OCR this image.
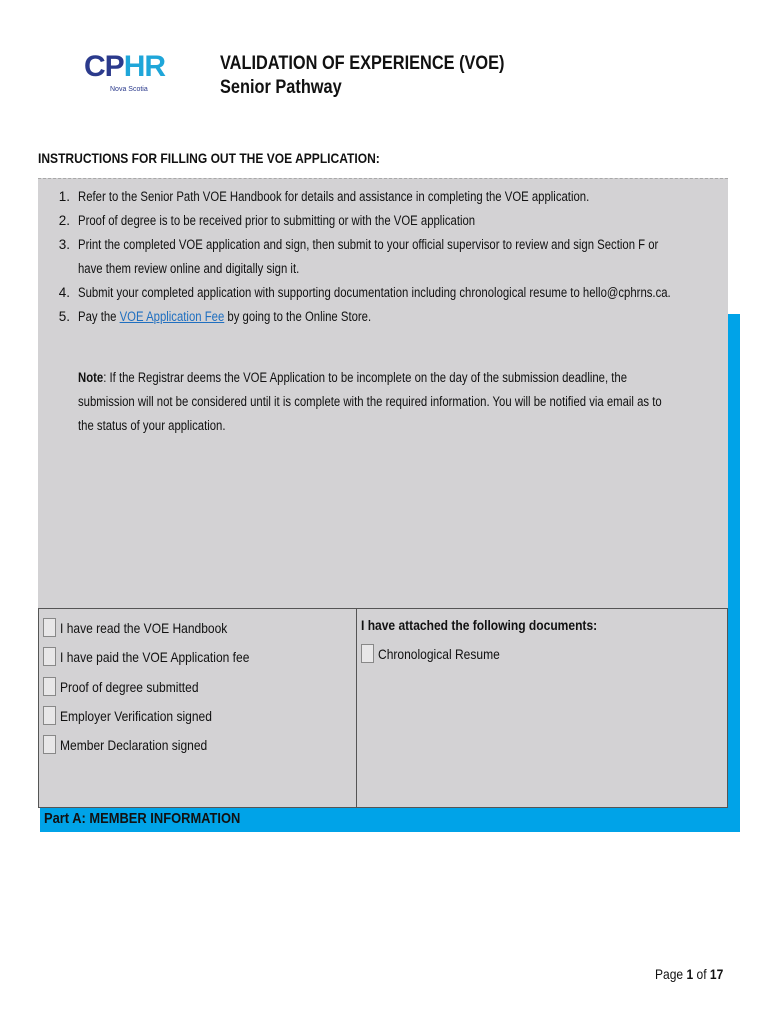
CPHR
Nova Scotia
VALIDATION OF EXPERIENCE (VOE)
Senior Pathway
INSTRUCTIONS FOR FILLING OUT THE VOE APPLICATION:
1. Refer to the Senior Path VOE Handbook for details and assistance in completing the VOE application.
2. Proof of degree is to be received prior to submitting or with the VOE application
3. Print the completed VOE application and sign, then submit to your official supervisor to review and sign Section F or
have them review online and digitally sign it.
4. Submit your completed application with supporting documentation including chronological resume to hello@cphrns.ca.
5. Pay the VOE Application Fee by going to the Online Store.
Note: If the Registrar deems the VOE Application to be incomplete on the day of the submission deadline, the
submission will not be considered until it is complete with the required information. You will be notified via email as to
the status of your application.
I have read the VOE Handbook
I have paid the VOE Application fee
Proof of degree submitted
Employer Verification signed
Member Declaration signed
I have attached the following documents:
Chronological Resume
Part A: MEMBER INFORMATION
Page 1 of 17
